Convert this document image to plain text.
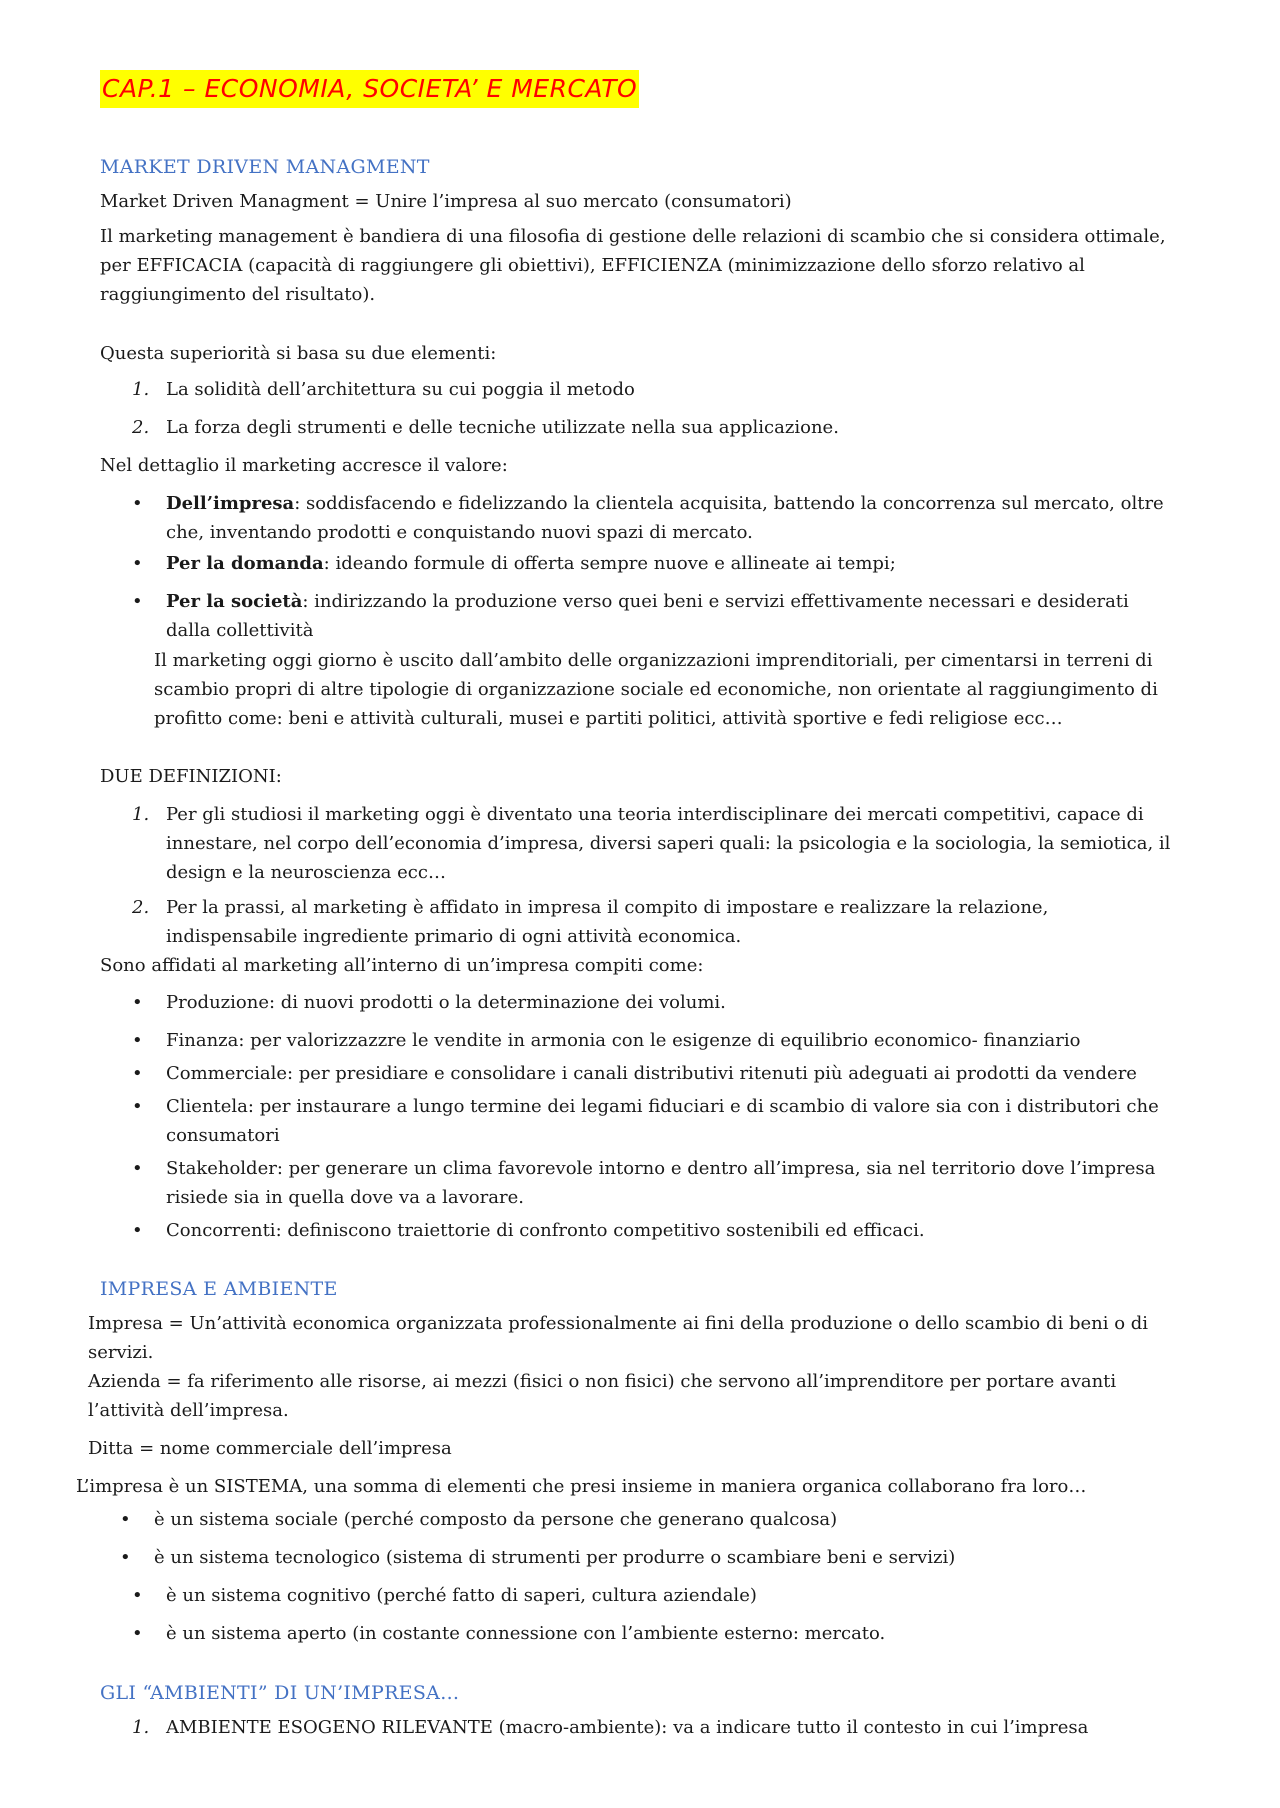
CAP.1 – ECONOMIA, SOCIETA’ E MERCATO
MARKET DRIVEN MANAGMENT

Market Driven Managment = Unire l’impresa al suo mercato (consumatori)

Il marketing management è bandiera di una filosofia di gestione delle relazioni di scambio che si considera ottimale, per EFFICACIA (capacità di raggiungere gli obiettivi), EFFICIENZA (minimizzazione dello sforzo relativo al raggiungimento del risultato).

Questa superiorità si basa su due elementi:

1. La solidità dell’architettura su cui poggia il metodo
2. La forza degli strumenti e delle tecniche utilizzate nella sua applicazione.

Nel dettaglio il marketing accresce il valore:

• Dell’impresa: soddisfacendo e fidelizzando la clientela acquisita, battendo la concorrenza sul mercato, oltre che, inventando prodotti e conquistando nuovi spazi di mercato.
• Per la domanda: ideando formule di offerta sempre nuove e allineate ai tempi;
• Per la società: indirizzando la produzione verso quei beni e servizi effettivamente necessari e desiderati dalla collettività

Il marketing oggi giorno è uscito dall’ambito delle organizzazioni imprenditoriali, per cimentarsi in terreni di scambio propri di altre tipologie di organizzazione sociale ed economiche, non orientate al raggiungimento di profitto come: beni e attività culturali, musei e partiti politici, attività sportive e fedi religiose ecc…

DUE DEFINIZIONI:

1. Per gli studiosi il marketing oggi è diventato una teoria interdisciplinare dei mercati competitivi, capace di innestare, nel corpo dell’economia d’impresa, diversi saperi quali: la psicologia e la sociologia, la semiotica, il design e la neuroscienza ecc…
2. Per la prassi, al marketing è affidato in impresa il compito di impostare e realizzare la relazione, indispensabile ingrediente primario di ogni attività economica.

Sono affidati al marketing all’interno di un’impresa compiti come:

• Produzione: di nuovi prodotti o la determinazione dei volumi.
• Finanza: per valorizzazzre le vendite in armonia con le esigenze di equilibrio economico- finanziario
• Commerciale: per presidiare e consolidare i canali distributivi ritenuti più adeguati ai prodotti da vendere
• Clientela: per instaurare a lungo termine dei legami fiduciari e di scambio di valore sia con i distributori che consumatori
• Stakeholder: per generare un clima favorevole intorno e dentro all’impresa, sia nel territorio dove l’impresa risiede sia in quella dove va a lavorare.
• Concorrenti: definiscono traiettorie di confronto competitivo sostenibili ed efficaci.
IMPRESA E AMBIENTE

Impresa = Un’attività economica organizzata professionalmente ai fini della produzione o dello scambio di beni o di servizi.

Azienda = fa riferimento alle risorse, ai mezzi (fisici o non fisici) che servono all’imprenditore per portare avanti l’attività dell’impresa.

Ditta = nome commerciale dell’impresa

L’impresa è un SISTEMA, una somma di elementi che presi insieme in maniera organica collaborano fra loro…

• è un sistema sociale (perché composto da persone che generano qualcosa)
• è un sistema tecnologico (sistema di strumenti per produrre o scambiare beni e servizi)
• è un sistema cognitivo (perché fatto di saperi, cultura aziendale)
• è un sistema aperto (in costante connessione con l’ambiente esterno: mercato.
GLI “AMBIENTI” DI UN’IMPRESA…
1. AMBIENTE ESOGENO RILEVANTE (macro-ambiente): va a indicare tutto il contesto in cui l’impresa
